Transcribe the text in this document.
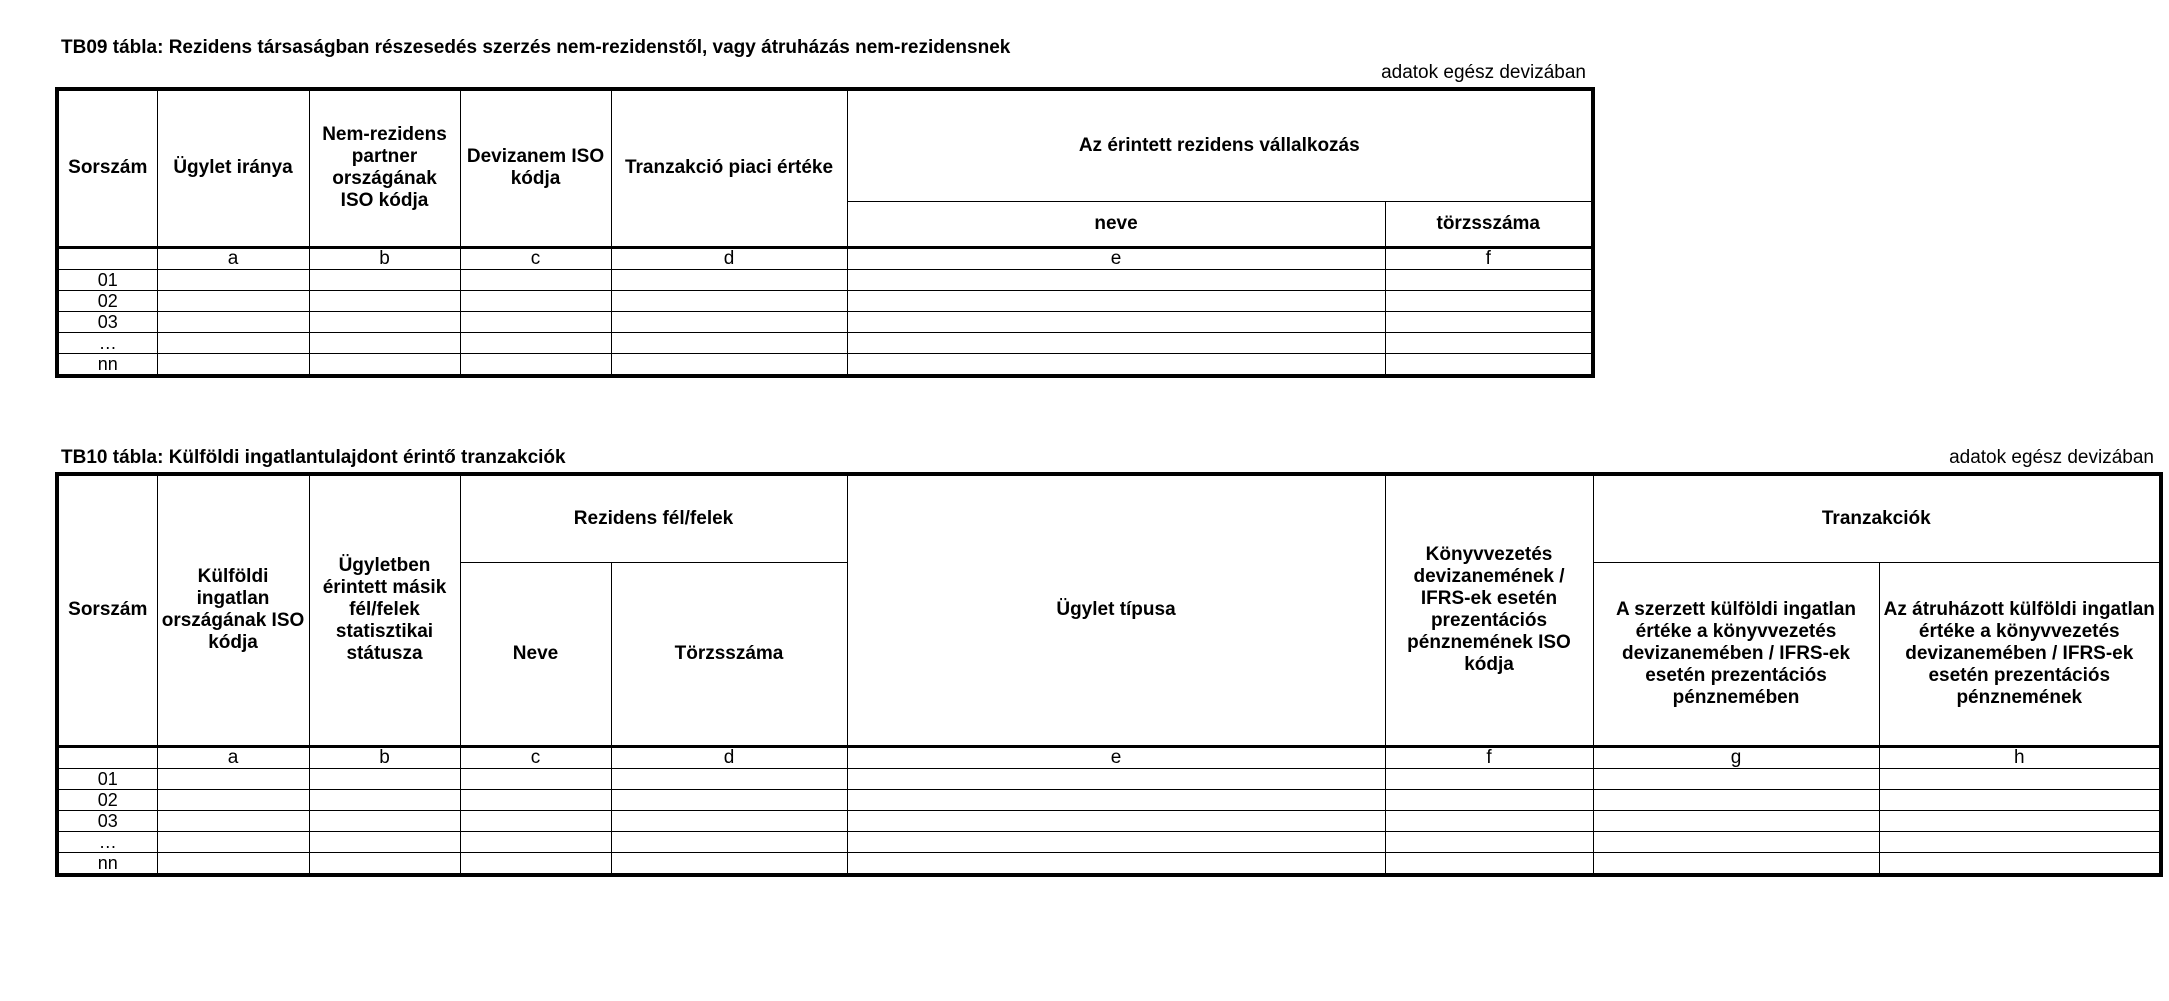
TB09 tábla: Rezidens társaságban részesedés szerzés nem-rezidenstől, vagy átruházás nem-rezidensnek
adatok egész devizában
Sorszám	Ügylet iránya	Nem-rezidens partner országának ISO kódja	Devizanem ISO kódja	Tranzakció piaci értéke	Az érintett rezidens vállalkozás	
					neve	törzsszáma
	a	b	c	d	e	f
01						
02						
03						
…						
nn						
TB10 tábla: Külföldi ingatlantulajdont érintő tranzakciók	adatok egész devizában
Sorszám	Külföldi ingatlan országának ISO kódja	Ügyletben érintett másik fél/felek statisztikai státusza	Rezidens fél/felek		Ügylet típusa	Könyvvezetés devizanemének / IFRS-ek esetén prezentációs pénznemének ISO kódja	Tranzakciók	
			Neve	Törzsszáma			A szerzett külföldi ingatlan értéke a könyvvezetés devizanemében / IFRS-ek esetén prezentációs pénznemében	Az átruházott külföldi ingatlan értéke a könyvvezetés devizanemében / IFRS-ek esetén prezentációs pénznemének
	a	b	c	d	e	f	g	h
01								
02								
03								
…								
nn								
